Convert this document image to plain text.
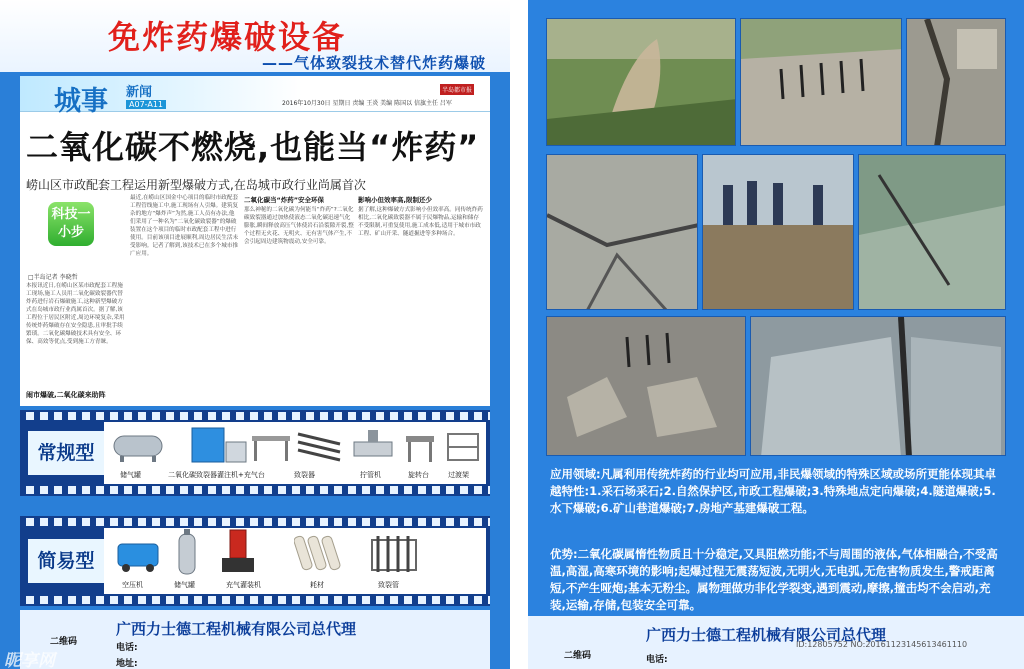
免炸药爆破设备
——气体致裂技术替代炸药爆破
城事 新闻
A07-A11	2016年10月30日 星期日 责编 王炎 美编 陈国以 信旗主任 吕军
半岛都市报
二氧化碳不燃烧,也能当“炸药”
崂山区市政配套工程运用新型爆破方式,在岛城市政行业尚属首次
科技一小步
□半岛记者 李晓哲
本报讯近日,在崂山区某市政配套工程施工现场,施工人员用二氧化碳致裂器代替炸药进行岩石爆破施工,这种新型爆破方式在岛城市政行业尚属首次。据了解,该工程位于居民区附近,周边环境复杂,采用传统炸药爆破存在安全隐患,且审批手续繁琐。二氧化碳爆破技术具有安全、环保、高效等优点,受到施工方青睐。
最近,在崂山区国金中心项目的临时市政配套工程管线施工中,施工现场有人引爆。建筑复杂的地方“爆炸声”为然,施工人员有办法,他们采用了一种名为“二氧化碳致裂器”的爆破装置在这个项目的临时市政配套工程中进行使用。目前该项目进展顺利,周边居民生活未受影响。记者了解到,该技术已在多个城市推广应用。
二氧化碳当“炸药”安全环保
那么神秘的二氧化碳为何能当“炸药”?二氧化碳致裂器通过加热使液态二氧化碳迅速气化膨胀,瞬间释放高压气体使岩石沿裂隙开裂,整个过程无火花、无明火、无有害气体产生,不会引起周边建筑物震动,安全可靠。
影响小但效率高,限制还少
据了解,这种爆破方式影响小但效率高。同传统炸药相比,二氧化碳致裂器不属于民爆物品,运输和储存不受限制,可重复使用,施工成本低,适用于城市市政工程、矿山开采、隧道掘进等多种场合。
闹市爆破,二氧化碳来助阵
常规型
储气罐	二氧化碳致裂器灌注机+充气台	致裂器	拧管机	旋转台	过渡架
简易型
空压机	储气罐	充气灌装机	耗材	致裂管
二维码
广西力士德工程机械有限公司总代理
电话:
地址:
昵享网
应用领域:凡属利用传统炸药的行业均可应用,非民爆领域的特殊区域或场所更能体现其卓越特性:1.采石场采石;2.自然保护区,市政工程爆破;3.特殊地点定向爆破;4.隧道爆破;5.水下爆破;6.矿山巷道爆破;7.房地产基建爆破工程。
优势:二氧化碳属惰性物质且十分稳定,又具阻燃功能;不与周围的液体,气体相融合,不受高温,高湿,高寒环境的影响;起爆过程无震荡短波,无明火,无电弧,无危害物质发生,警戒距离短,不产生哑炮;基本无粉尘。属物理做功非化学裂变,遇到震动,摩擦,撞击均不会启动,充装,运输,存储,包装安全可靠。
广西力士德工程机械有限公司总代理
二维码	电话:
ID:12805752 NO:20161123145613461110
